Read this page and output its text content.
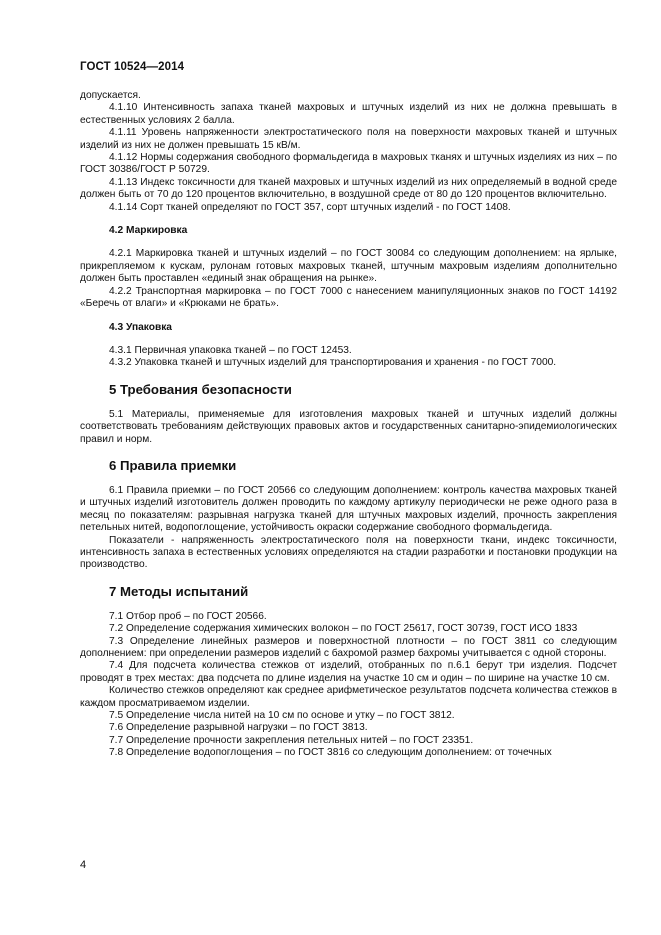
ГОСТ 10524—2014

допускается.

4.1.10 Интенсивность запаха тканей махровых и штучных изделий из них не должна превышать в естественных условиях 2 балла.

4.1.11 Уровень напряженности электростатического поля на поверхности махровых тканей и штучных изделий из них не должен превышать 15 кВ/м.

4.1.12 Нормы содержания свободного формальдегида в махровых тканях и штучных изделиях из них – по ГОСТ 30386/ГОСТ Р 50729.

4.1.13 Индекс токсичности для тканей махровых и штучных изделий из них определяемый в водной среде должен быть от 70 до 120 процентов включительно, в воздушной среде от 80 до 120 процентов включительно.

4.1.14 Сорт тканей определяют по ГОСТ 357, сорт штучных изделий - по ГОСТ 1408.

4.2 Маркировка

4.2.1 Маркировка тканей и штучных изделий – по ГОСТ 30084 со следующим дополнением: на ярлыке, прикрепляемом к кускам, рулонам готовых махровых тканей, штучным махровым изделиям дополнительно должен быть проставлен «единый знак обращения на рынке».

4.2.2 Транспортная маркировка – по ГОСТ 7000 с нанесением манипуляционных знаков по ГОСТ 14192 «Беречь от влаги» и «Крюками не брать».

4.3 Упаковка

4.3.1 Первичная упаковка тканей – по ГОСТ 12453.

4.3.2 Упаковка тканей и штучных изделий для транспортирования и хранения - по ГОСТ 7000.

5 Требования безопасности

5.1 Материалы, применяемые для изготовления махровых тканей и штучных изделий должны соответствовать требованиям действующих правовых актов и государственных санитарно-эпидемиологических правил и норм.

6 Правила приемки

6.1 Правила приемки – по ГОСТ 20566 со следующим дополнением: контроль качества махровых тканей и штучных изделий изготовитель должен проводить по каждому артикулу периодически не реже одного раза в месяц по показателям: разрывная нагрузка тканей для штучных махровых изделий, прочность закрепления петельных нитей, водопоглощение, устойчивость окраски содержание свободного формальдегида.

Показатели - напряженность электростатического поля на поверхности ткани, индекс токсичности, интенсивность запаха в естественных условиях определяются на стадии разработки и постановки продукции на производство.

7 Методы испытаний

7.1 Отбор проб – по ГОСТ 20566.

7.2 Определение содержания химических волокон – по ГОСТ 25617, ГОСТ 30739, ГОСТ ИСО 1833

7.3 Определение линейных размеров и поверхностной плотности – по ГОСТ 3811 со следующим дополнением: при определении размеров изделий с бахромой размер бахромы учитывается с одной стороны.

7.4 Для подсчета количества стежков от изделий, отобранных по п.6.1 берут три изделия. Подсчет проводят в трех местах: два подсчета по длине изделия на участке 10 см и один – по ширине на участке 10 см.

Количество стежков определяют как среднее арифметическое результатов подсчета количества стежков в каждом просматриваемом изделии.

7.5 Определение числа нитей на 10 см по основе и утку – по ГОСТ 3812.

7.6 Определение разрывной нагрузки – по ГОСТ 3813.

7.7 Определение прочности закрепления петельных нитей – по ГОСТ 23351.

7.8 Определение водопоглощения – по ГОСТ 3816 со следующим дополнением: от точечных

4
